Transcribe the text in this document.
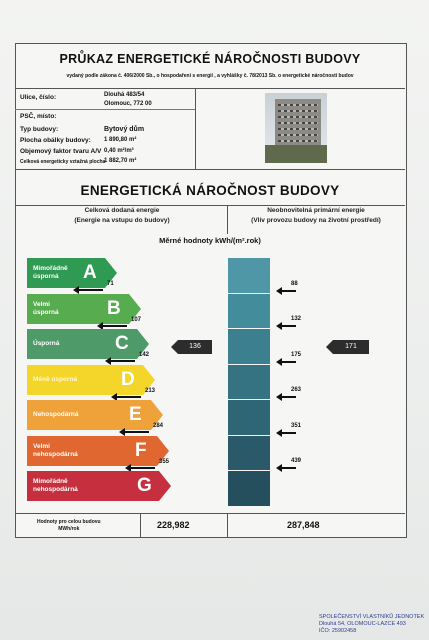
PRŮKAZ ENERGETICKÉ NÁROČNOSTI BUDOVY
vydaný podle zákona č. 406/2000 Sb., o hospodaření s energií , a vyhlášky č. 78/2013 Sb. o energetické náročnosti budov
Ulice, číslo:	Dlouhá 483/54
Olomouc, 772 00
PSČ, místo:
Typ budovy:	Bytový dům
Plocha obálky budovy: 1 890,80 m²
Objemový faktor tvaru A/V 0,40 m²/m³
Celková energeticky vztažná plocha
1 882,70 m²
ENERGETICKÁ NÁROČNOST BUDOVY
Celková dodaná energie
(Energie na vstupu do budovy)
Neobnovitelná primární energie
(Vliv provozu budovy na životní prostředí)
Měrné hodnoty kWh/(m².rok)
Mimořádně
úsporná	A
71	88
Velmi
úsporná	B
107	132
Úsporná	C
142	175
Méně úsporná D
213	263
Nehospodárná	E
284	351
Velmi
nehospodárná	F
355	439
Mimořádně
nehospodárná	G
136	171
Hodnoty pro celou budovu
MWh/rok	228,982	287,848
SPOLEČENSTVÍ VLASTNÍKŮ JEDNOTEK
Dlouhá 54, OLOMOUC-LAZCE 493
IČO: 25902458
